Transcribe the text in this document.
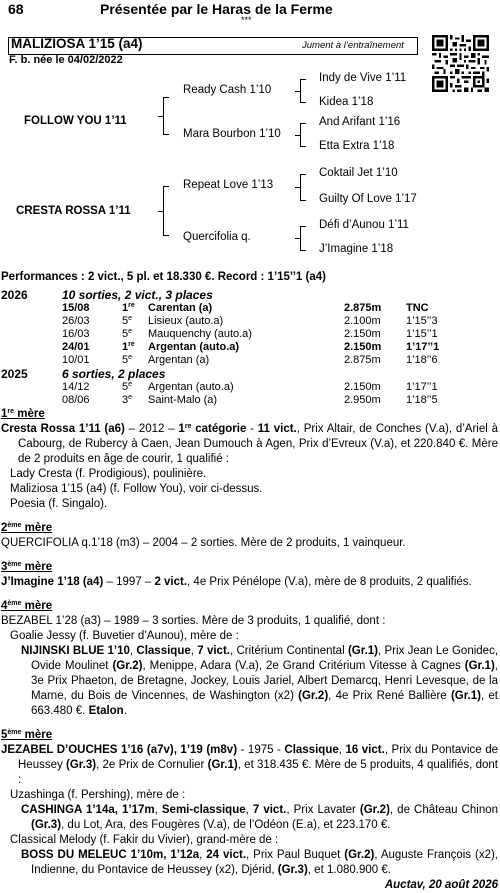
68	Présentée par le Haras de la Ferme
***
MALIZIOSA 1’15 (a4)	Jument à l’entraînement
F. b. née le 04/02/2022
FOLLOW YOU 1’11
Ready Cash 1’10
Mara Bourbon 1’10
Indy de Vive 1’11
Kidea 1’18
And Arifant 1’16
Etta Extra 1’18
CRESTA ROSSA 1’11
Repeat Love 1’13
Quercifolia q.
Coktail Jet 1’10
Guilty Of Love 1’17
Défi d’Aunou 1’11
J’Imagine 1’18
Performances : 2 vict., 5 pl. et 18.330 €. Record : 1’15’’1 (a4)
2026	10 sorties, 2 vict., 3 places
15/08	1re Carentan (a)	2.875m TNC
26/03	5e Lisieux (auto.a)	2.100m 1’15’’3
16/03	5e Mauquenchy (auto.a)	2.150m 1’15’’1
24/01	1re Argentan (auto.a)	2.150m 1’17’’1
10/01	5e Argentan (a)	2.875m 1’18’’6
2025	6 sorties, 2 places
14/12	5e Argentan (auto.a)	2.150m 1’17’’1
08/06	3e Saint-Malo (a)	2.950m 1’18’’5

1re mère

Cresta Rossa 1’11 (a6) – 2012 – 1re catégorie - 11 vict., Prix Altair, de Conches (V.a), d’Ariel à Cabourg, de Rubercy à Caen, Jean Dumouch à Agen, Prix d’Evreux (V.a), et 220.840 €. Mère de 2 produits en âge de courir, 1 qualifié :

Lady Cresta (f. Prodigious), poulinière.

Maliziosa 1’15 (a4) (f. Follow You), voir ci-dessus.

Poesia (f. Singalo).

2ème mère

QUERCIFOLIA q.1’18 (m3) – 2004 – 2 sorties. Mère de 2 produits, 1 vainqueur.

3ème mère

J’Imagine 1’18 (a4) – 1997 – 2 vict., 4e Prix Pénélope (V.a), mère de 8 produits, 2 qualifiés.

4ème mère

BEZABEL 1’28 (a3) – 1989 – 3 sorties. Mère de 3 produits, 1 qualifié, dont :

Goalie Jessy (f. Buvetier d’Aunou), mère de :

NIJINSKI BLUE 1’10, Classique, 7 vict., Critérium Continental (Gr.1), Prix Jean Le Gonidec, Ovide Moulinet (Gr.2), Menippe, Adara (V.a), 2e Grand Critérium Vitesse à Cagnes (Gr.1), 3e Prix Phaeton, de Bretagne, Jockey, Louis Jariel, Albert Demarcq, Henri Levesque, de la Marne, du Bois de Vincennes, de Washington (x2) (Gr.2), 4e Prix René Ballière (Gr.1), et 663.480 €. Etalon.

5ème mère

JEZABEL D’OUCHES 1’16 (a7v), 1’19 (m8v) - 1975 - Classique, 16 vict., Prix du Pontavice de Heussey (Gr.3), 2e Prix de Cornulier (Gr.1), et 318.435 €. Mère de 5 produits, 4 qualifiés, dont :

Uzashinga (f. Pershing), mère de :

CASHINGA 1’14a, 1’17m, Semi-classique, 7 vict., Prix Lavater (Gr.2), de Château Chinon (Gr.3), du Lot, Ara, des Fougères (V.a), de l’Odéon (E.a), et 223.170 €.

Classical Melody (f. Fakir du Vivier), grand-mère de :

BOSS DU MELEUC 1’10m, 1’12a, 24 vict., Prix Paul Buquet (Gr.2), Auguste François (x2), Indienne, du Pontavice de Heussey (x2), Djérid, (Gr.3), et 1.080.900 €.

Auctav, 20 août 2026
